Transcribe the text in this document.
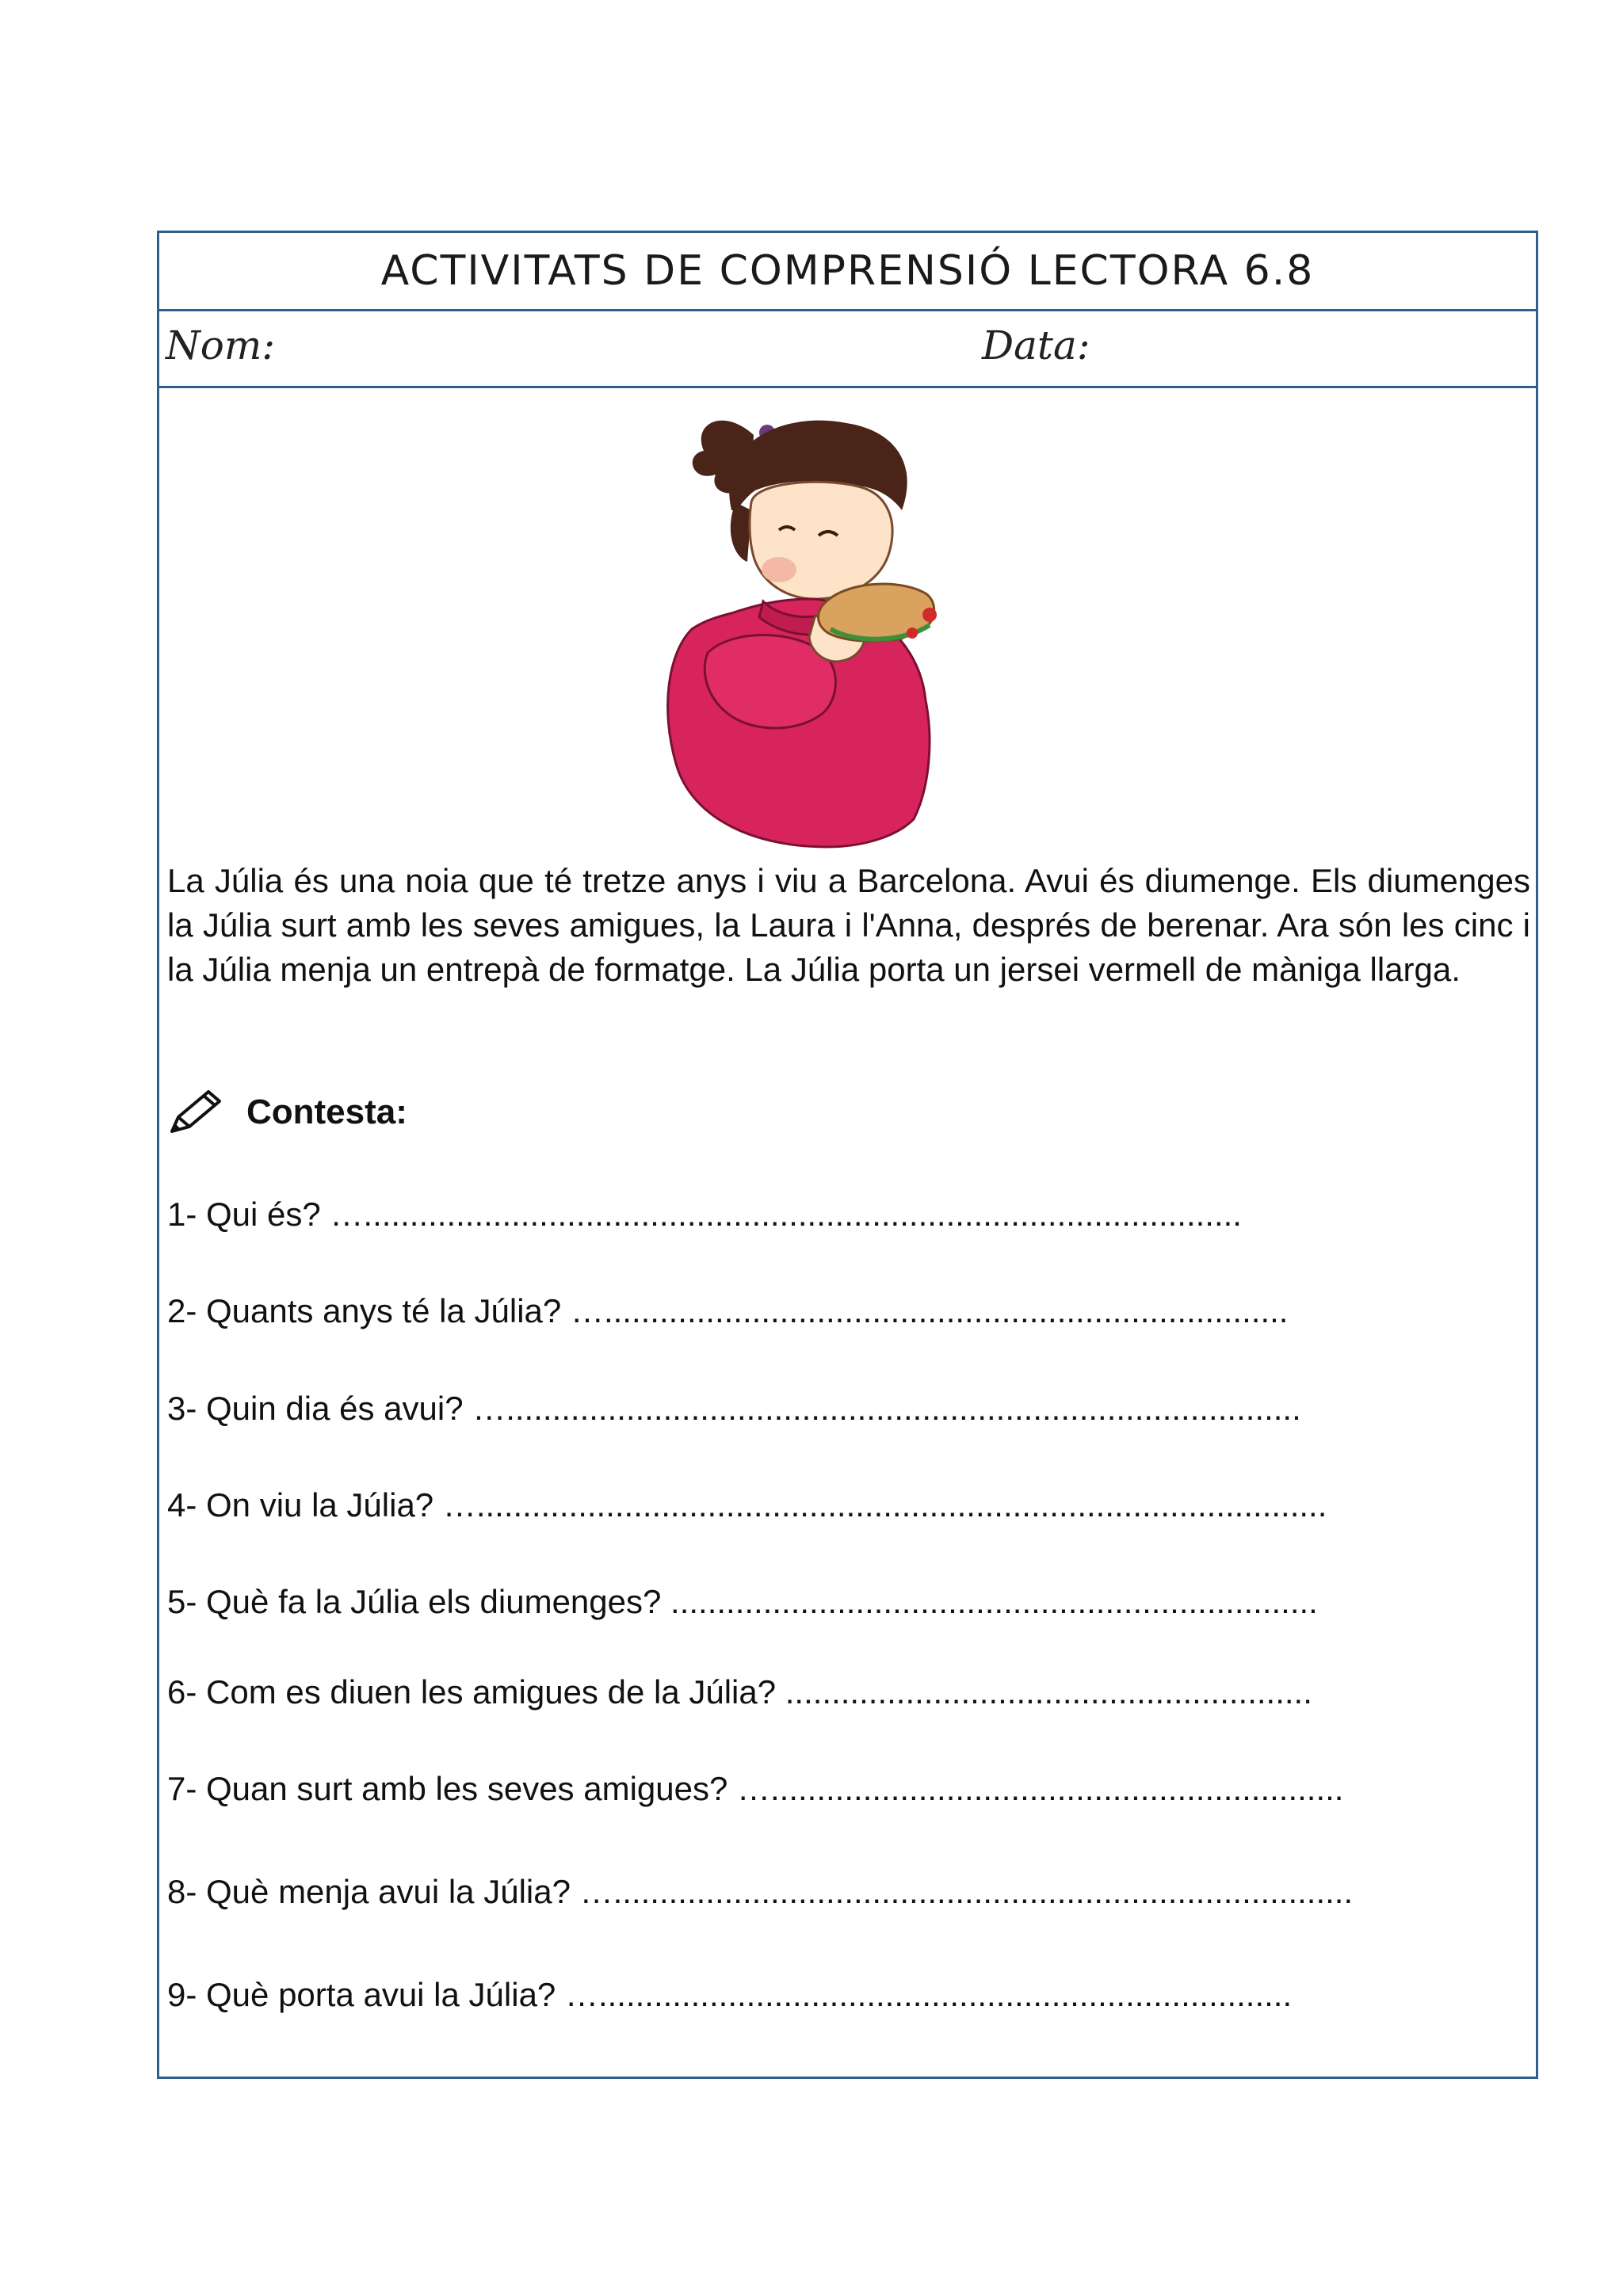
ACTIVITATS DE COMPRENSIÓ LECTORA 6.8
Nom:	Data:

La Júlia és una noia que té tretze anys i viu a Barcelona. Avui és diumenge. Els diumenges la Júlia surt amb les seves amigues, la Laura i l'Anna, després de berenar. Ara són les cinc i la Júlia menja un entrepà de formatge. La Júlia porta un jersei vermell de màniga llarga.

Contesta:
1- Qui és? …...............................................................................................
2- Quants anys té la Júlia? …..........................................................................
3- Quin dia és avui? …......................................................................................
4- On viu la Júlia? …............................................................................................
5- Què fa la Júlia els diumenges? ......................................................................
6- Com es diuen les amigues de la Júlia? .........................................................
7- Quan surt amb les seves amigues? …..............................................................
8- Què menja avui la Júlia? …................................................................................
9- Què porta avui la Júlia? …...........................................................................
